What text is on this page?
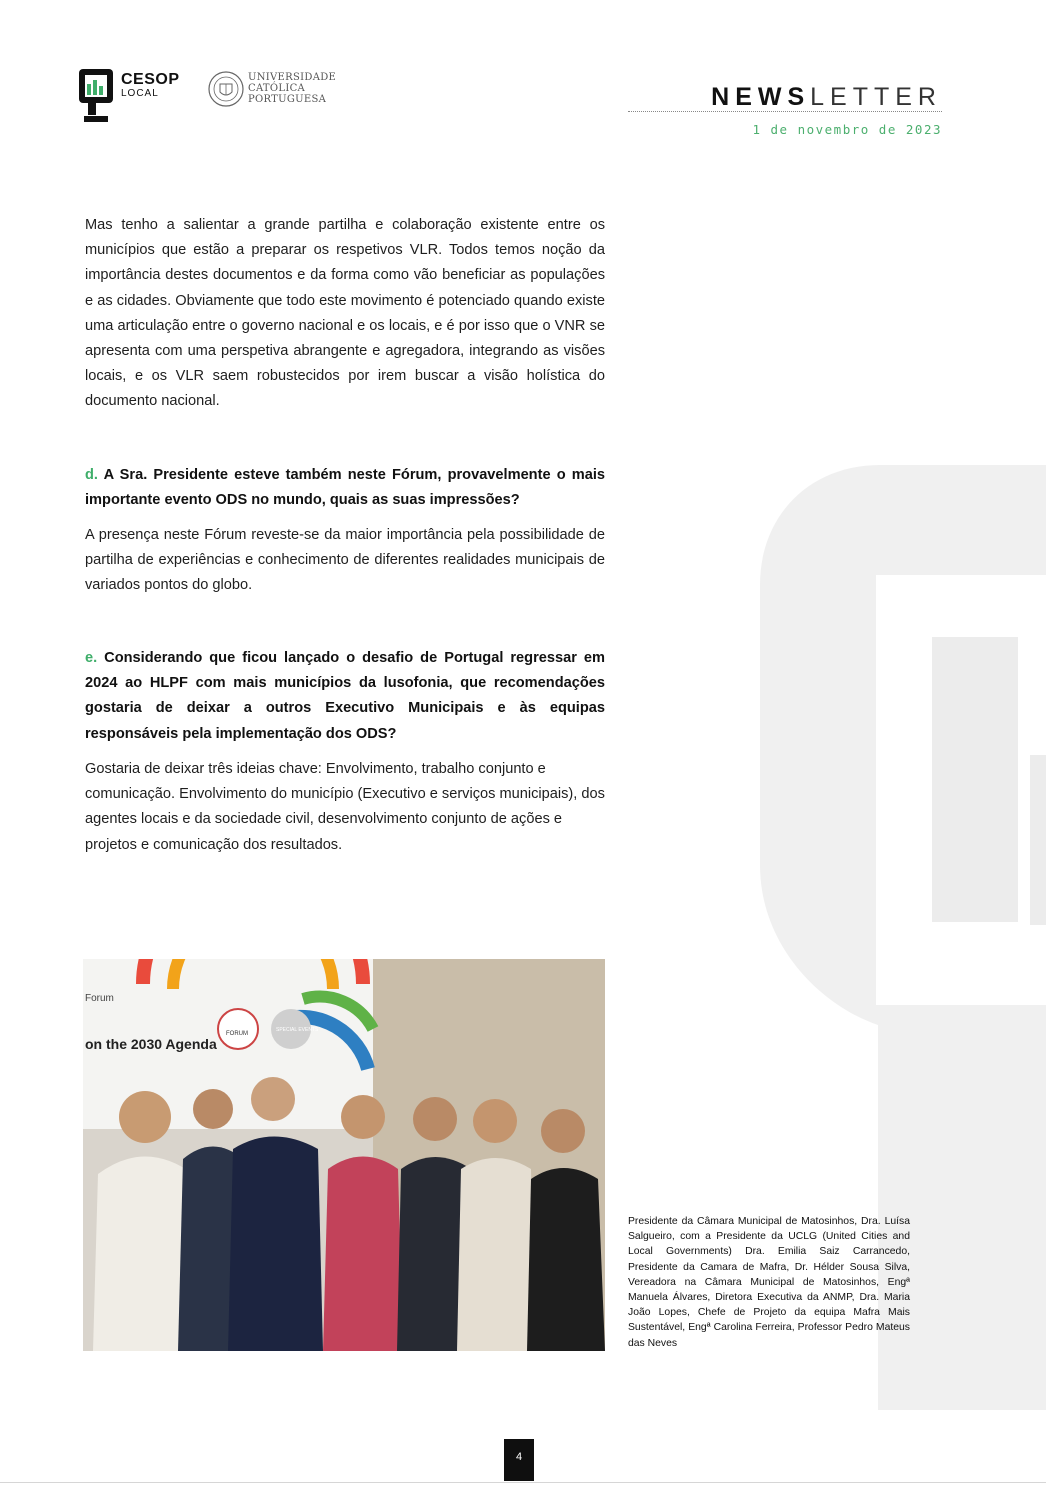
CESOP
LOCAL
UNIVERSIDADE
CATÓLICA
PORTUGUESA	NEWSLETTER
1 de novembro de 2023
Mas tenho a salientar a grande partilha e colaboração existente entre os municípios que estão a preparar os respetivos VLR. Todos temos noção da importância destes documentos e da forma como vão beneficiar as populações e as cidades. Obviamente que todo este movimento é potenciado quando existe uma articulação entre o governo nacional e os locais, e é por isso que o VNR se apresenta com uma perspetiva abrangente e agregadora, integrando as visões locais, e os VLR saem robustecidos por irem buscar a visão holística do documento nacional.
d. A Sra. Presidente esteve também neste Fórum, provavelmente o mais importante evento ODS no mundo, quais as suas impressões?
A presença neste Fórum reveste-se da maior importância pela possibilidade de partilha de experiências e conhecimento de diferentes realidades municipais de variados pontos do globo.
e. Considerando que ficou lançado o desafio de Portugal regressar em 2024 ao HLPF com mais municípios da lusofonia, que recomendações gostaria de deixar a outros Executivo Municipais e às equipas responsáveis pela implementação dos ODS?
Gostaria de deixar três ideias chave: Envolvimento, trabalho conjunto e comunicação. Envolvimento do município (Executivo e serviços municipais), dos agentes locais e da sociedade civil, desenvolvimento conjunto de ações e projetos e comunicação dos resultados.
Forum
on the 2030 Agenda
FORUM
SPECIAL EVENTS
Presidente da Câmara Municipal de Matosinhos, Dra. Luísa Salgueiro, com a Presidente da UCLG (United Cities and Local Governments) Dra. Emilia Saiz Carrancedo, Presidente da Camara de Mafra, Dr. Hélder Sousa Silva, Vereadora na Câmara Municipal de Matosinhos, Engª Manuela Álvares, Diretora Executiva da ANMP, Dra. Maria João Lopes, Chefe de Projeto da equipa Mafra Mais Sustentável, Engª Carolina Ferreira, Professor Pedro Mateus das Neves
4
